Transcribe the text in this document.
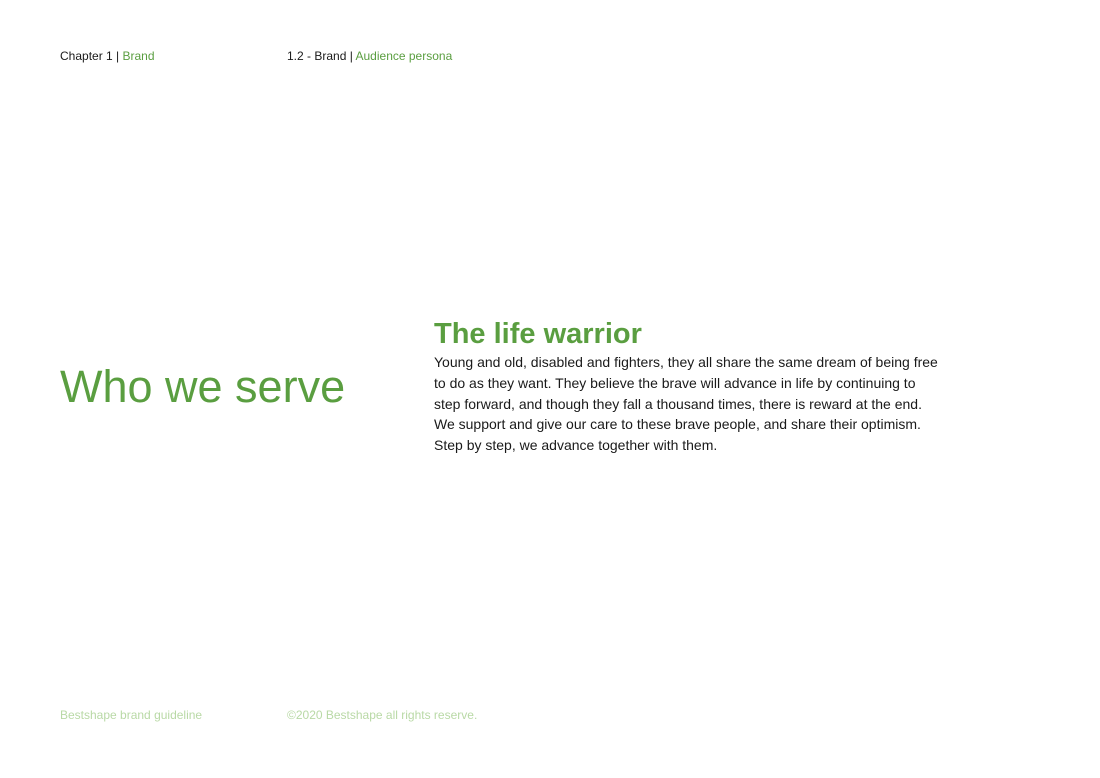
Chapter 1 | Brand	1.2 - Brand | Audience persona
Who we serve
The life warrior

Young and old, disabled and fighters, they all share the same dream of being free
to do as they want. They believe the brave will advance in life by continuing to
step forward, and though they fall a thousand times, there is reward at the end.
We support and give our care to these brave people, and share their optimism.
Step by step, we advance together with them.

Bestshape brand guideline	©2020 Bestshape all rights reserve.
